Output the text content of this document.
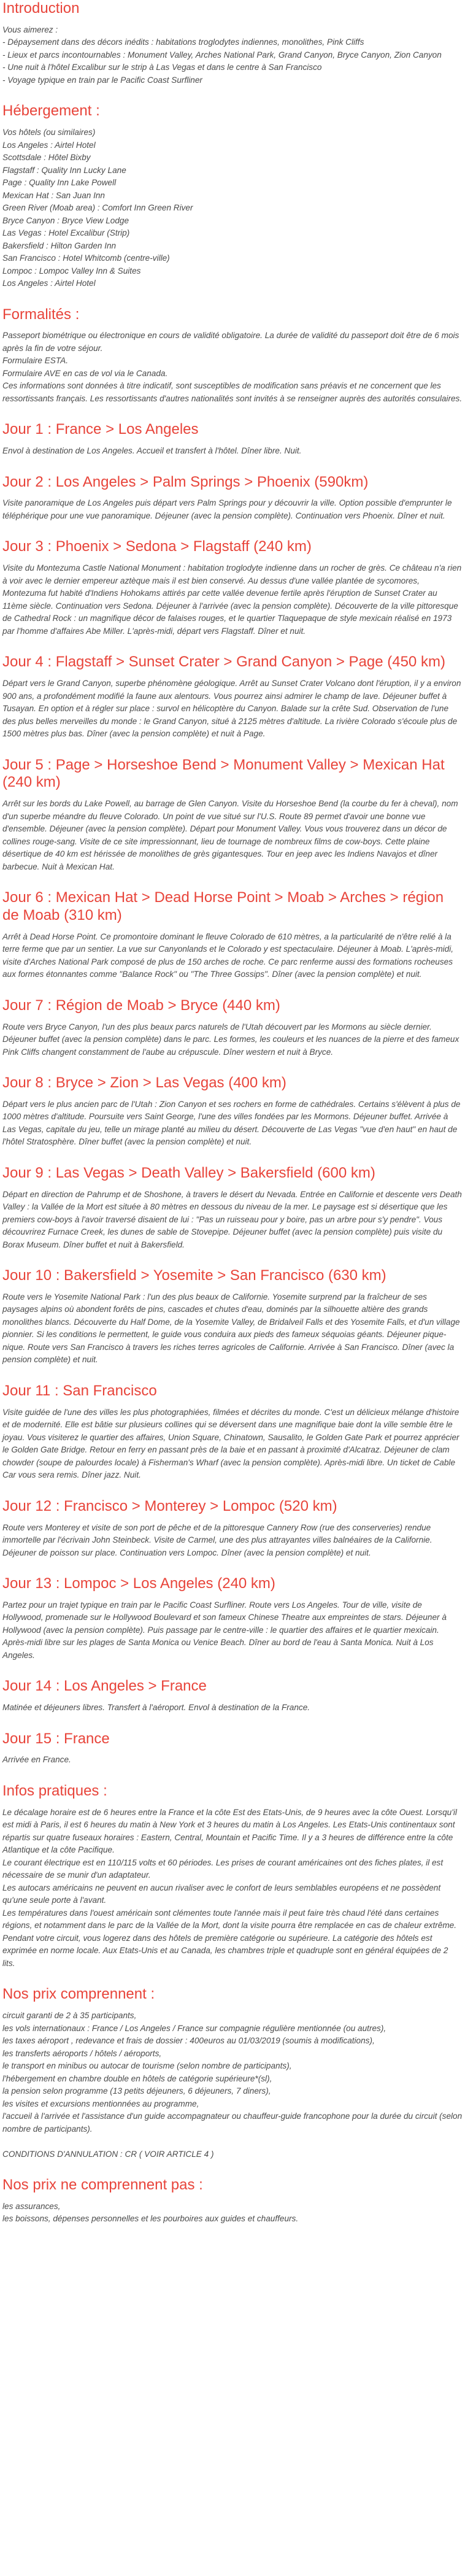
Introduction
Vous aimerez :
- Dépaysement dans des décors inédits : habitations troglodytes indiennes, monolithes, Pink Cliffs
- Lieux et parcs incontournables : Monument Valley, Arches National Park, Grand Canyon, Bryce Canyon, Zion Canyon
- Une nuit à l'hôtel Excalibur sur le strip à Las Vegas et dans le centre à San Francisco
- Voyage typique en train par le Pacific Coast Surfliner
Hébergement :
Vos hôtels (ou similaires)
Los Angeles : Airtel Hotel
Scottsdale : Hôtel Bixby
Flagstaff : Quality Inn Lucky Lane
Page : Quality Inn Lake Powell
Mexican Hat : San Juan Inn
Green River (Moab area) : Comfort Inn Green River
Bryce Canyon : Bryce View Lodge
Las Vegas : Hotel Excalibur (Strip)
Bakersfield : Hilton Garden Inn
San Francisco : Hotel Whitcomb (centre-ville)
Lompoc : Lompoc Valley Inn & Suites
Los Angeles : Airtel Hotel
Formalités :
Passeport biométrique ou électronique en cours de validité obligatoire. La durée de validité du passeport doit être de 6 mois après la fin de votre séjour.
Formulaire ESTA.
Formulaire AVE en cas de vol via le Canada.
Ces informations sont données à titre indicatif, sont susceptibles de modification sans préavis et ne concernent que les ressortissants français. Les ressortissants d'autres nationalités sont invités à se renseigner auprès des autorités consulaires.
Jour 1 : France > Los Angeles

Envol à destination de Los Angeles. Accueil et transfert à l'hôtel. Dîner libre. Nuit.

Jour 2 : Los Angeles > Palm Springs > Phoenix (590km)

Visite panoramique de Los Angeles puis départ vers Palm Springs pour y découvrir la ville. Option possible d'emprunter le téléphérique pour une vue panoramique. Déjeuner (avec la pension complète). Continuation vers Phoenix. Dîner et nuit.

Jour 3 : Phoenix > Sedona > Flagstaff (240 km)

Visite du Montezuma Castle National Monument : habitation troglodyte indienne dans un rocher de grès. Ce château n'a rien à voir avec le dernier empereur aztèque mais il est bien conservé. Au dessus d'une vallée plantée de sycomores, Montezuma fut habité d'Indiens Hohokams attirés par cette vallée devenue fertile après l'éruption de Sunset Crater au 11ème siècle. Continuation vers Sedona. Déjeuner à l'arrivée (avec la pension complète). Découverte de la ville pittoresque de Cathedral Rock : un magnifique décor de falaises rouges, et le quartier Tlaquepaque de style mexicain réalisé en 1973 par l'homme d'affaires Abe Miller. L'après-midi, départ vers Flagstaff. Dîner et nuit.

Jour 4 : Flagstaff > Sunset Crater > Grand Canyon > Page (450 km)

Départ vers le Grand Canyon, superbe phénomène géologique. Arrêt au Sunset Crater Volcano dont l'éruption, il y a environ 900 ans, a profondément modifié la faune aux alentours. Vous pourrez ainsi admirer le champ de lave. Déjeuner buffet à Tusayan. En option et à régler sur place : survol en hélicoptère du Canyon. Balade sur la crête Sud. Observation de l'une des plus belles merveilles du monde : le Grand Canyon, situé à 2125 mètres d'altitude. La rivière Colorado s'écoule plus de 1500 mètres plus bas. Dîner (avec la pension complète) et nuit à Page.

Jour 5 : Page > Horseshoe Bend > Monument Valley > Mexican Hat (240 km)

Arrêt sur les bords du Lake Powell, au barrage de Glen Canyon. Visite du Horseshoe Bend (la courbe du fer à cheval), nom d'un superbe méandre du fleuve Colorado. Un point de vue situé sur l'U.S. Route 89 permet d'avoir une bonne vue d'ensemble. Déjeuner (avec la pension complète). Départ pour Monument Valley. Vous vous trouverez dans un décor de collines rouge-sang. Visite de ce site impressionnant, lieu de tournage de nombreux films de cow-boys. Cette plaine désertique de 40 km est hérissée de monolithes de grès gigantesques. Tour en jeep avec les Indiens Navajos et dîner barbecue. Nuit à Mexican Hat.

Jour 6 : Mexican Hat > Dead Horse Point > Moab > Arches > région de Moab (310 km)

Arrêt à Dead Horse Point. Ce promontoire dominant le fleuve Colorado de 610 mètres, a la particularité de n'être relié à la terre ferme que par un sentier. La vue sur Canyonlands et le Colorado y est spectaculaire. Déjeuner à Moab. L'après-midi, visite d'Arches National Park composé de plus de 150 arches de roche. Ce parc renferme aussi des formations rocheuses aux formes étonnantes comme "Balance Rock" ou "The Three Gossips". Dîner (avec la pension complète) et nuit.

Jour 7 : Région de Moab > Bryce (440 km)

Route vers Bryce Canyon, l'un des plus beaux parcs naturels de l'Utah découvert par les Mormons au siècle dernier. Déjeuner buffet (avec la pension complète) dans le parc. Les formes, les couleurs et les nuances de la pierre et des fameux Pink Cliffs changent constamment de l'aube au crépuscule. Dîner western et nuit à Bryce.

Jour 8 : Bryce > Zion > Las Vegas (400 km)

Départ vers le plus ancien parc de l'Utah : Zion Canyon et ses rochers en forme de cathédrales. Certains s'élèvent à plus de 1000 mètres d'altitude. Poursuite vers Saint George, l'une des villes fondées par les Mormons. Déjeuner buffet. Arrivée à Las Vegas, capitale du jeu, telle un mirage planté au milieu du désert. Découverte de Las Vegas "vue d'en haut" en haut de l'hôtel Stratosphère. Dîner buffet (avec la pension complète) et nuit.

Jour 9 : Las Vegas > Death Valley > Bakersfield (600 km)

Départ en direction de Pahrump et de Shoshone, à travers le désert du Nevada. Entrée en Californie et descente vers Death Valley : la Vallée de la Mort est située à 80 mètres en dessous du niveau de la mer. Le paysage est si désertique que les premiers cow-boys à l'avoir traversé disaient de lui : "Pas un ruisseau pour y boire, pas un arbre pour s'y pendre". Vous découvrirez Furnace Creek, les dunes de sable de Stovepipe. Déjeuner buffet (avec la pension complète) puis visite du Borax Museum. Dîner buffet et nuit à Bakersfield.

Jour 10 : Bakersfield > Yosemite > San Francisco (630 km)

Route vers le Yosemite National Park : l'un des plus beaux de Californie. Yosemite surprend par la fraîcheur de ses paysages alpins où abondent forêts de pins, cascades et chutes d'eau, dominés par la silhouette altière des grands monolithes blancs. Découverte du Half Dome, de la Yosemite Valley, de Bridalveil Falls et des Yosemite Falls, et d'un village pionnier. Si les conditions le permettent, le guide vous conduira aux pieds des fameux séquoias géants. Déjeuner pique-nique. Route vers San Francisco à travers les riches terres agricoles de Californie. Arrivée à San Francisco. Dîner (avec la pension complète) et nuit.

Jour 11 : San Francisco

Visite guidée de l'une des villes les plus photographiées, filmées et décrites du monde. C'est un délicieux mélange d'histoire et de modernité. Elle est bâtie sur plusieurs collines qui se déversent dans une magnifique baie dont la ville semble être le joyau. Vous visiterez le quartier des affaires, Union Square, Chinatown, Sausalito, le Golden Gate Park et pourrez apprécier le Golden Gate Bridge. Retour en ferry en passant près de la baie et en passant à proximité d'Alcatraz. Déjeuner de clam chowder (soupe de palourdes locale) à Fisherman's Wharf (avec la pension complète). Après-midi libre. Un ticket de Cable Car vous sera remis. Dîner jazz. Nuit.

Jour 12 : Francisco > Monterey > Lompoc (520 km)

Route vers Monterey et visite de son port de pêche et de la pittoresque Cannery Row (rue des conserveries) rendue immortelle par l'écrivain John Steinbeck. Visite de Carmel, une des plus attrayantes villes balnéaires de la Californie. Déjeuner de poisson sur place. Continuation vers Lompoc. Dîner (avec la pension complète) et nuit.

Jour 13 : Lompoc > Los Angeles (240 km)

Partez pour un trajet typique en train par le Pacific Coast Surfliner. Route vers Los Angeles. Tour de ville, visite de Hollywood, promenade sur le Hollywood Boulevard et son fameux Chinese Theatre aux empreintes de stars. Déjeuner à Hollywood (avec la pension complète). Puis passage par le centre-ville : le quartier des affaires et le quartier mexicain. Après-midi libre sur les plages de Santa Monica ou Venice Beach. Dîner au bord de l'eau à Santa Monica. Nuit à Los Angeles.

Jour 14 : Los Angeles > France

Matinée et déjeuners libres. Transfert à l'aéroport. Envol à destination de la France.

Jour 15 : France

Arrivée en France.

Infos pratiques :
Le décalage horaire est de 6 heures entre la France et la côte Est des Etats-Unis, de 9 heures avec la côte Ouest. Lorsqu'il est midi à Paris, il est 6 heures du matin à New York et 3 heures du matin à Los Angeles. Les Etats-Unis continentaux sont répartis sur quatre fuseaux horaires : Eastern, Central, Mountain et Pacific Time. Il y a 3 heures de différence entre la côte Atlantique et la côte Pacifique.
Le courant électrique est en 110/115 volts et 60 périodes. Les prises de courant américaines ont des fiches plates, il est nécessaire de se munir d'un adaptateur.
Les autocars américains ne peuvent en aucun rivaliser avec le confort de leurs semblables européens et ne possèdent qu'une seule porte à l'avant.
Les températures dans l'ouest américain sont clémentes toute l'année mais il peut faire très chaud l'été dans certaines régions, et notamment dans le parc de la Vallée de la Mort, dont la visite pourra être remplacée en cas de chaleur extrême.
Pendant votre circuit, vous logerez dans des hôtels de première catégorie ou supérieure. La catégorie des hôtels est exprimée en norme locale. Aux Etats-Unis et au Canada, les chambres triple et quadruple sont en général équipées de 2 lits.
Nos prix comprennent :
circuit garanti de 2 à 35 participants,
les vols internationaux : France / Los Angeles / France sur compagnie régulière mentionnée (ou autres),
les taxes aéroport , redevance et frais de dossier : 400euros au 01/03/2019 (soumis à modifications),
les transferts aéroports / hôtels / aéroports,
le transport en minibus ou autocar de tourisme (selon nombre de participants),
l'hébergement en chambre double en hôtels de catégorie supérieure*(sl),
la pension selon programme (13 petits déjeuners, 6 déjeuners, 7 diners),
les visites et excursions mentionnées au programme,
l'accueil à l'arrivée et l'assistance d'un guide accompagnateur ou chauffeur-guide francophone pour la durée du circuit (selon nombre de participants).

CONDITIONS D'ANNULATION : CR ( VOIR ARTICLE 4 )
Nos prix ne comprennent pas :
les assurances,
les boissons, dépenses personnelles et les pourboires aux guides et chauffeurs.
